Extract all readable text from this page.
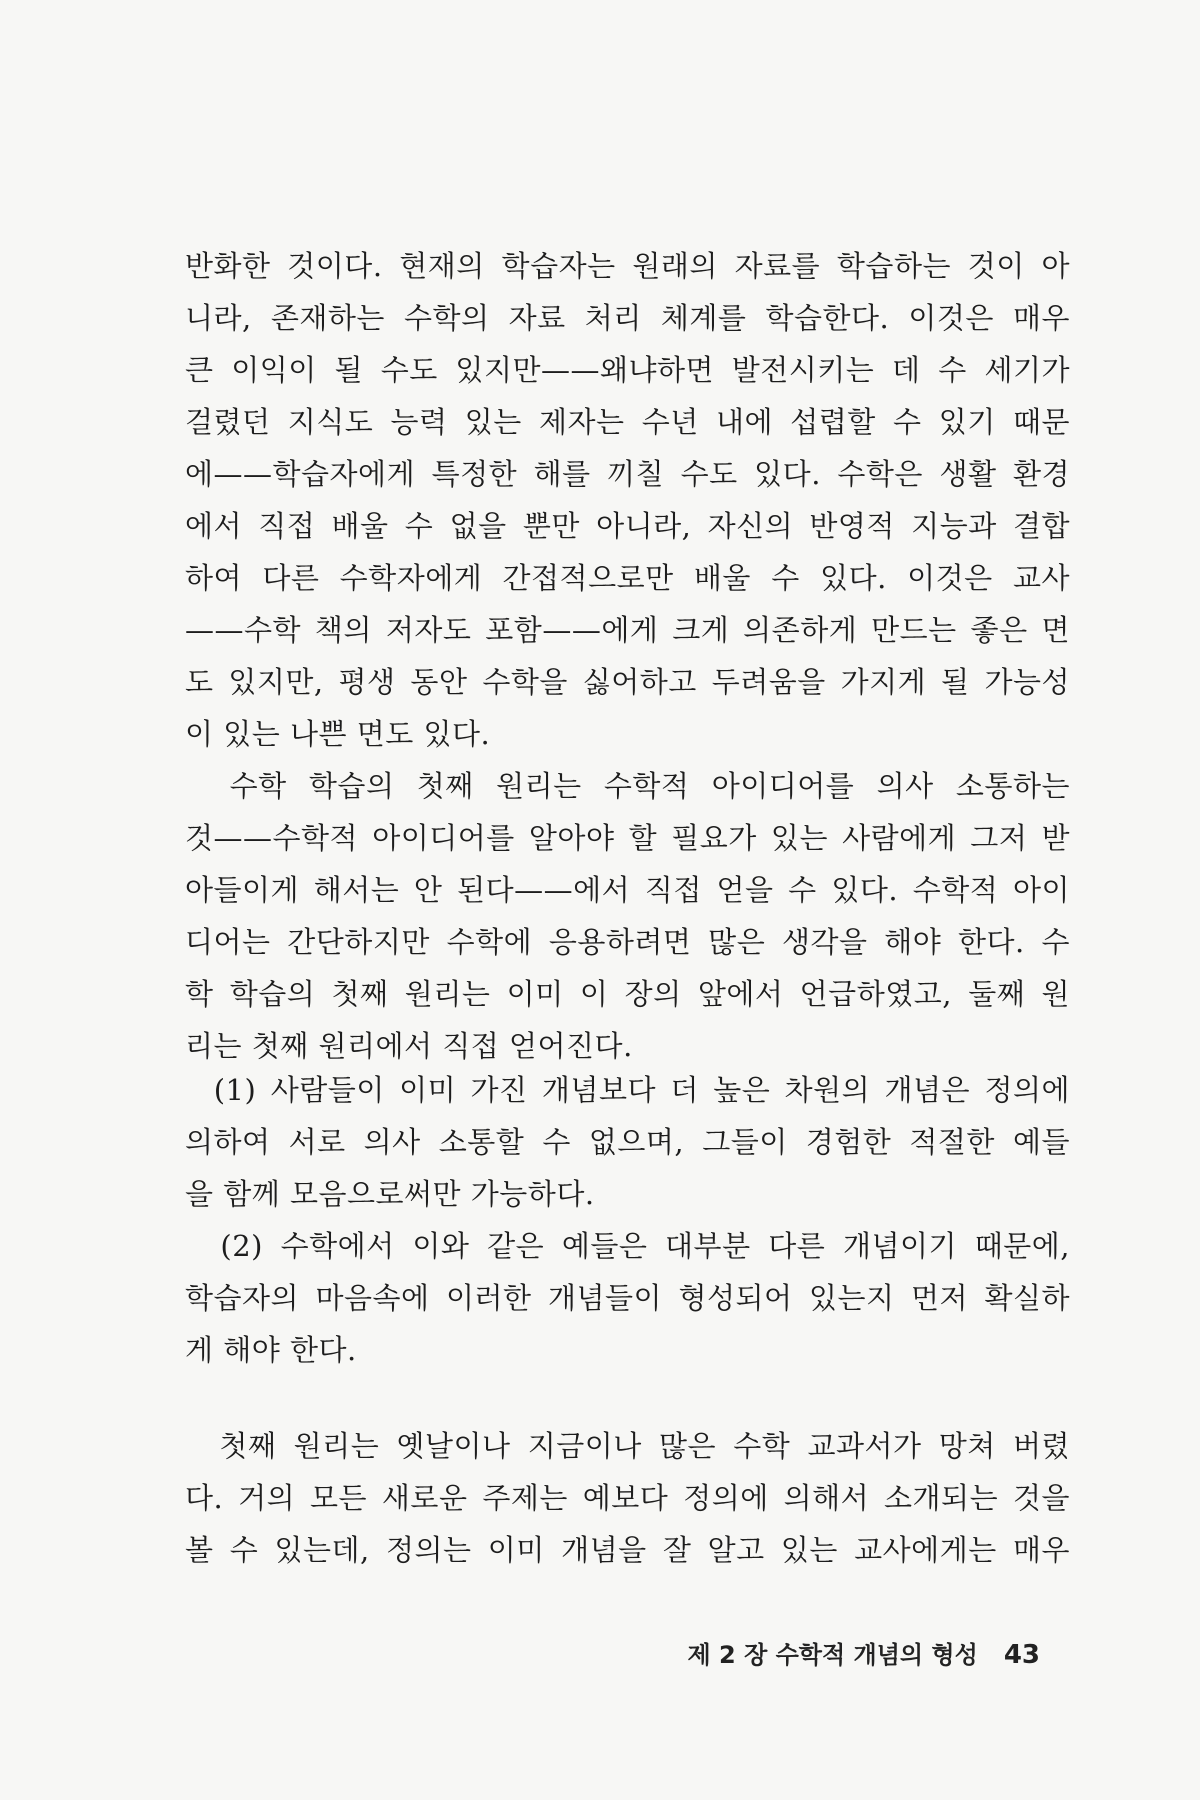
반화한 것이다. 현재의 학습자는 원래의 자료를 학습하는 것이 아
니라, 존재하는 수학의 자료 처리 체계를 학습한다. 이것은 매우
큰 이익이 될 수도 있지만——왜냐하면 발전시키는 데 수 세기가
걸렸던 지식도 능력 있는 제자는 수년 내에 섭렵할 수 있기 때문
에——학습자에게 특정한 해를 끼칠 수도 있다. 수학은 생활 환경
에서 직접 배울 수 없을 뿐만 아니라, 자신의 반영적 지능과 결합
하여 다른 수학자에게 간접적으로만 배울 수 있다. 이것은 교사
——수학 책의 저자도 포함——에게 크게 의존하게 만드는 좋은 면
도 있지만, 평생 동안 수학을 싫어하고 두려움을 가지게 될 가능성
이 있는 나쁜 면도 있다.
수학 학습의 첫째 원리는 수학적 아이디어를 의사 소통하는
것——수학적 아이디어를 알아야 할 필요가 있는 사람에게 그저 받
아들이게 해서는 안 된다——에서 직접 얻을 수 있다. 수학적 아이
디어는 간단하지만 수학에 응용하려면 많은 생각을 해야 한다. 수
학 학습의 첫째 원리는 이미 이 장의 앞에서 언급하였고, 둘째 원
리는 첫째 원리에서 직접 얻어진다.
(1) 사람들이 이미 가진 개념보다 더 높은 차원의 개념은 정의에
의하여 서로 의사 소통할 수 없으며, 그들이 경험한 적절한 예들
을 함께 모음으로써만 가능하다.
(2) 수학에서 이와 같은 예들은 대부분 다른 개념이기 때문에,
학습자의 마음속에 이러한 개념들이 형성되어 있는지 먼저 확실하
게 해야 한다.
첫째 원리는 옛날이나 지금이나 많은 수학 교과서가 망쳐 버렸
다. 거의 모든 새로운 주제는 예보다 정의에 의해서 소개되는 것을
볼 수 있는데, 정의는 이미 개념을 잘 알고 있는 교사에게는 매우
제 2 장 수학적 개념의 형성 43
